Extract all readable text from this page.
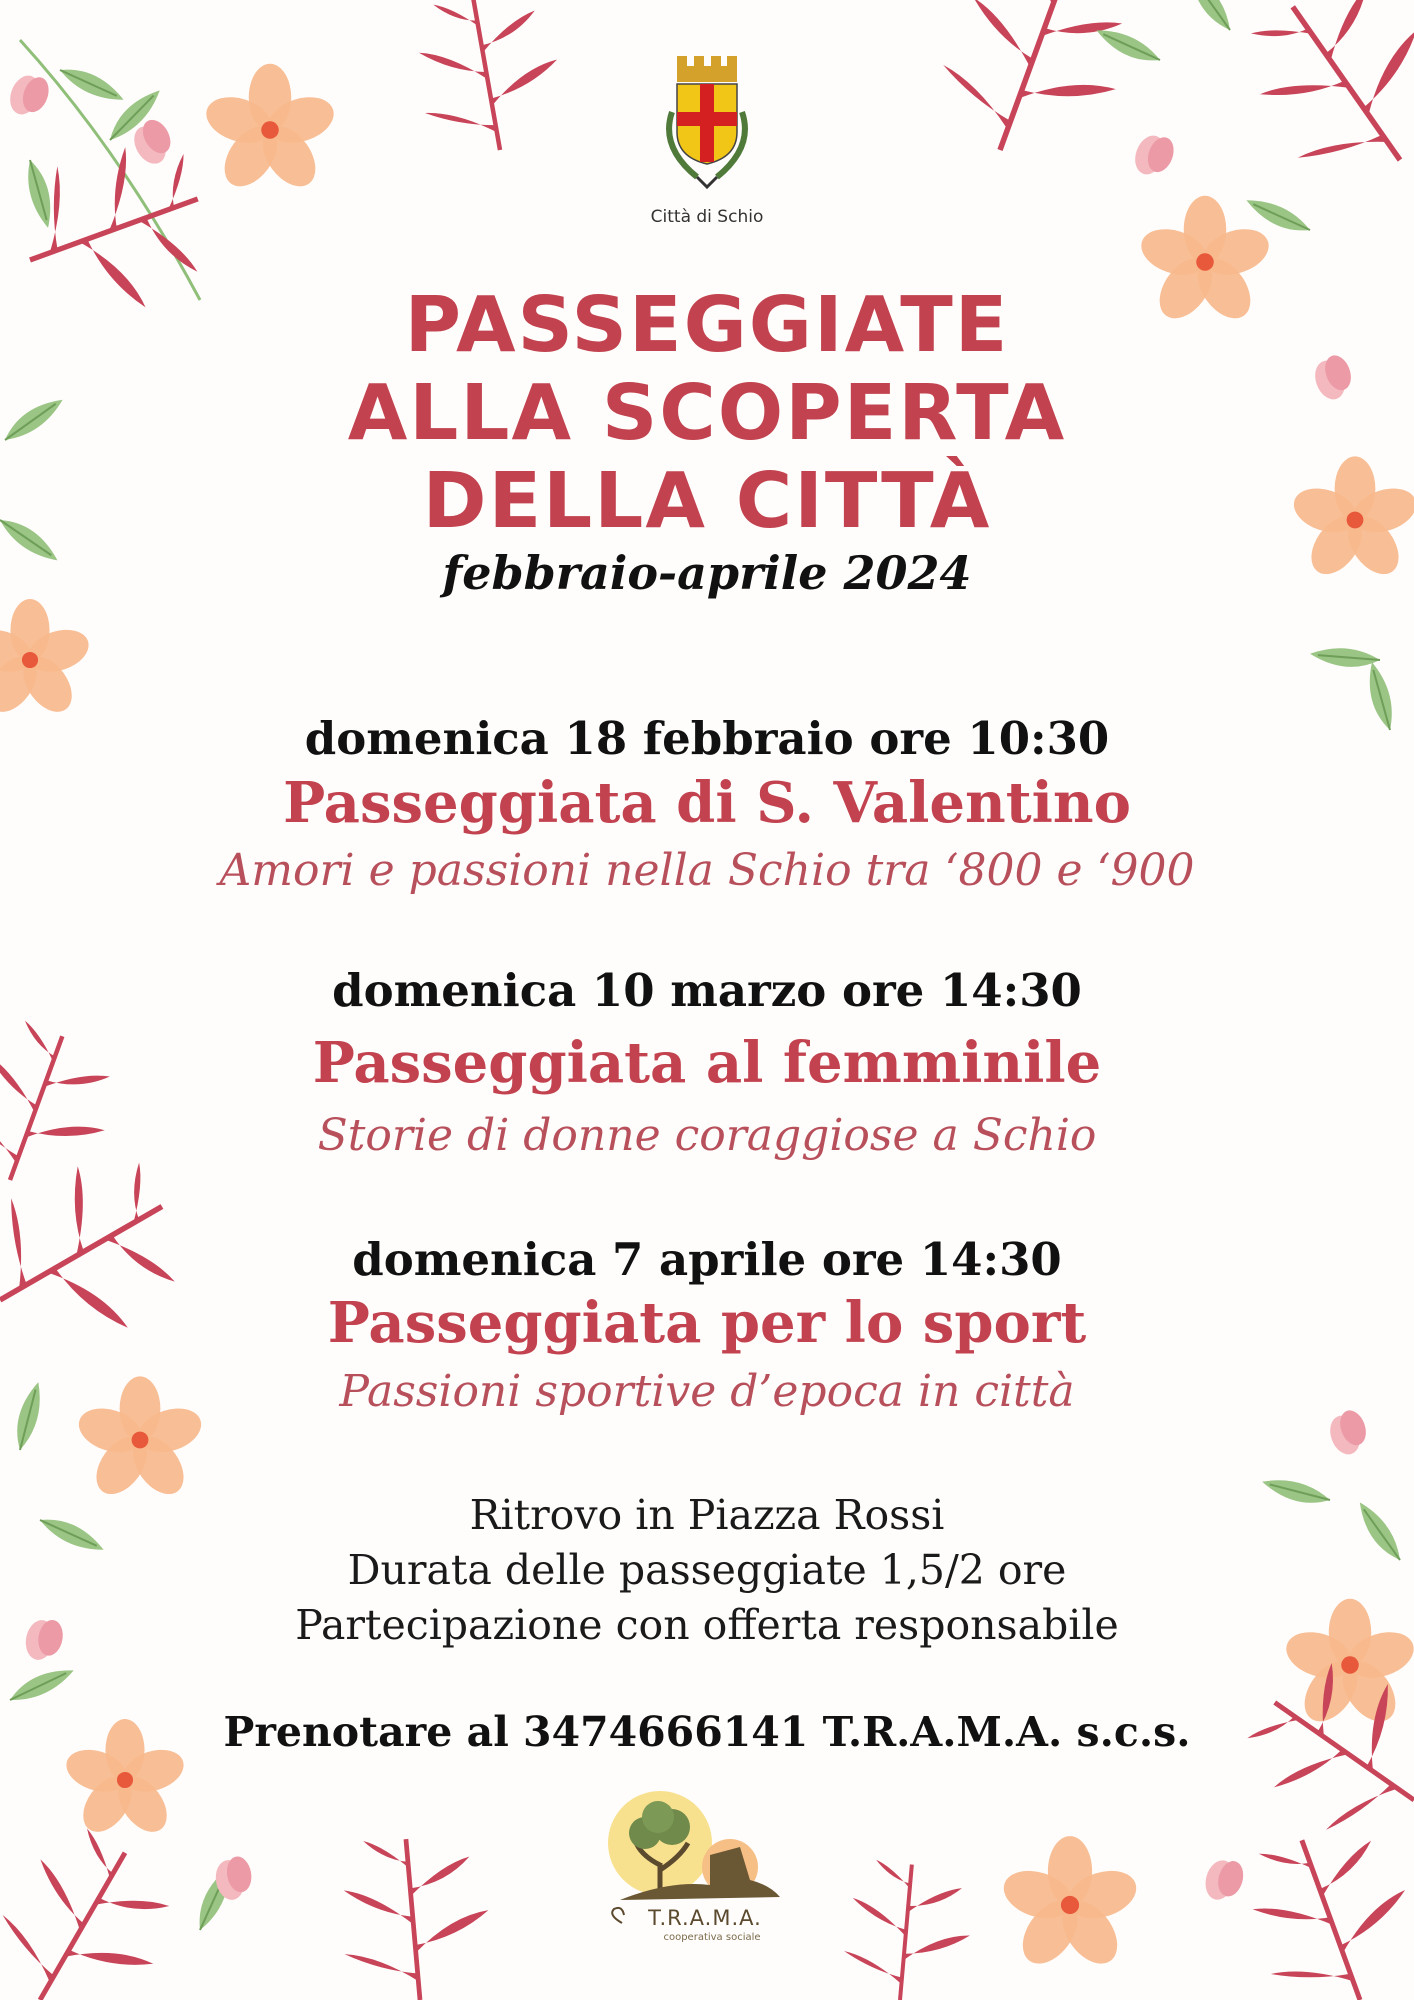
Città di Schio
PASSEGGIATE
ALLA SCOPERTA
DELLA CITTÀ
febbraio-aprile 2024
domenica 18 febbraio ore 10:30
Passeggiata di S. Valentino
Amori e passioni nella Schio tra ‘800 e ‘900
domenica 10 marzo ore 14:30
Passeggiata al femminile
Storie di donne coraggiose a Schio
domenica 7 aprile ore 14:30
Passeggiata per lo sport
Passioni sportive d’epoca in città
Ritrovo in Piazza Rossi
Durata delle passeggiate 1,5/2 ore
Partecipazione con offerta responsabile
Prenotare al 3474666141 T.R.A.M.A. s.c.s.
T.R.A.M.A.
cooperativa sociale
